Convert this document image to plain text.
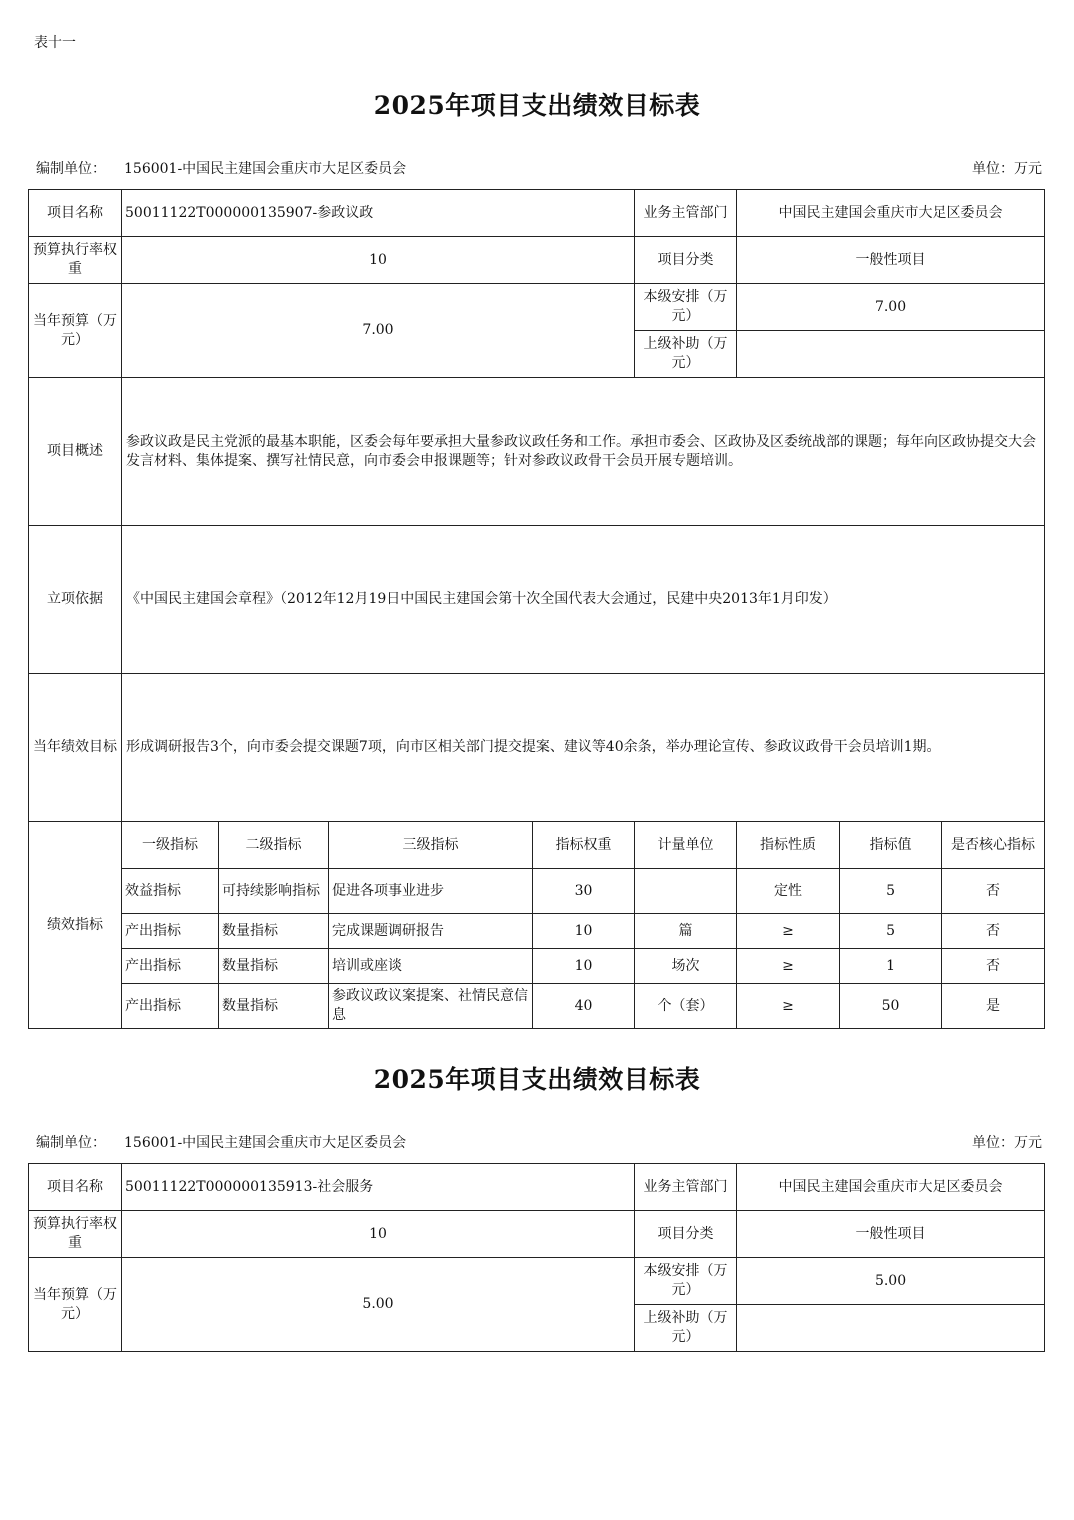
表十一
2025年项目支出绩效目标表
编制单位： 156001-中国民主建国会重庆市大足区委员会	单位：万元
项目名称	50011122T000000135907-参政议政				业务主管部门	中国民主建国会重庆市大足区委员会		
预算执行率权重	10				项目分类	一般性项目		
当年预算（万元）	7.00				本级安排（万元）	7.00		
					上级补助（万元）			
项目概述	参政议政是民主党派的最基本职能，区委会每年要承担大量参政议政任务和工作。承担市委会、区政协及区委统战部的课题；每年向区政协提交大会发言材料、集体提案、撰写社情民意，向市委会申报课题等；针对参政议政骨干会员开展专题培训。							
立项依据	《中国民主建国会章程》（2012年12月19日中国民主建国会第十次全国代表大会通过，民建中央2013年1月印发）							
当年绩效目标	形成调研报告3个，向市委会提交课题7项，向市区相关部门提交提案、建议等40余条，举办理论宣传、参政议政骨干会员培训1期。							
绩效指标	一级指标	二级指标	三级指标	指标权重	计量单位	指标性质	指标值	是否核心指标
	效益指标	可持续影响指标	促进各项事业进步	30		定性	5	否
	产出指标	数量指标	完成课题调研报告	10	篇	≥	5	否
	产出指标	数量指标	培训或座谈	10	场次	≥	1	否
	产出指标	数量指标	参政议政议案提案、社情民意信息	40	个（套）	≥	50	是
2025年项目支出绩效目标表
编制单位： 156001-中国民主建国会重庆市大足区委员会	单位：万元
项目名称	50011122T000000135913-社会服务	业务主管部门	中国民主建国会重庆市大足区委员会
预算执行率权重	10	项目分类	一般性项目
当年预算（万元）	5.00	本级安排（万元）	5.00
		上级补助（万元）	
